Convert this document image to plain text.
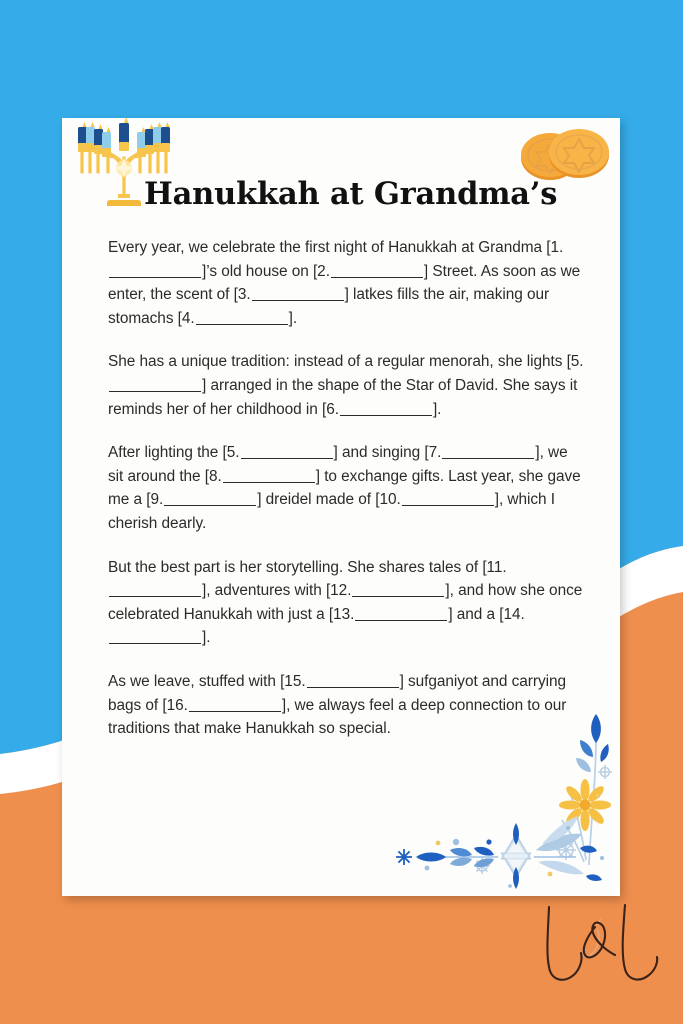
Hanukkah at Grandma’s

Every year, we celebrate the first night of Hanukkah at Grandma [1.]’s old house on [2.	] Street. As soon as we enter, the scent of [3.	] latkes fills the air, making our stomachs [4.	].

She has a unique tradition: instead of a regular menorah, she lights [5.] arranged in the shape of the Star of David. She says it reminds her of her childhood in [6.	].

After lighting the [5.	] and singing [7.	], we sit around the [8.	] to exchange gifts. Last year, she gave me a [9.	] dreidel made of [10.	], which I cherish dearly.

But the best part is her storytelling. She shares tales of [11.], adventures with [12.	], and how she once celebrated Hanukkah with just a [13.	] and a [14.].

As we leave, stuffed with [15.	] sufganiyot and carrying bags of [16.	], we always feel a deep connection to our traditions that make Hanukkah so special.
